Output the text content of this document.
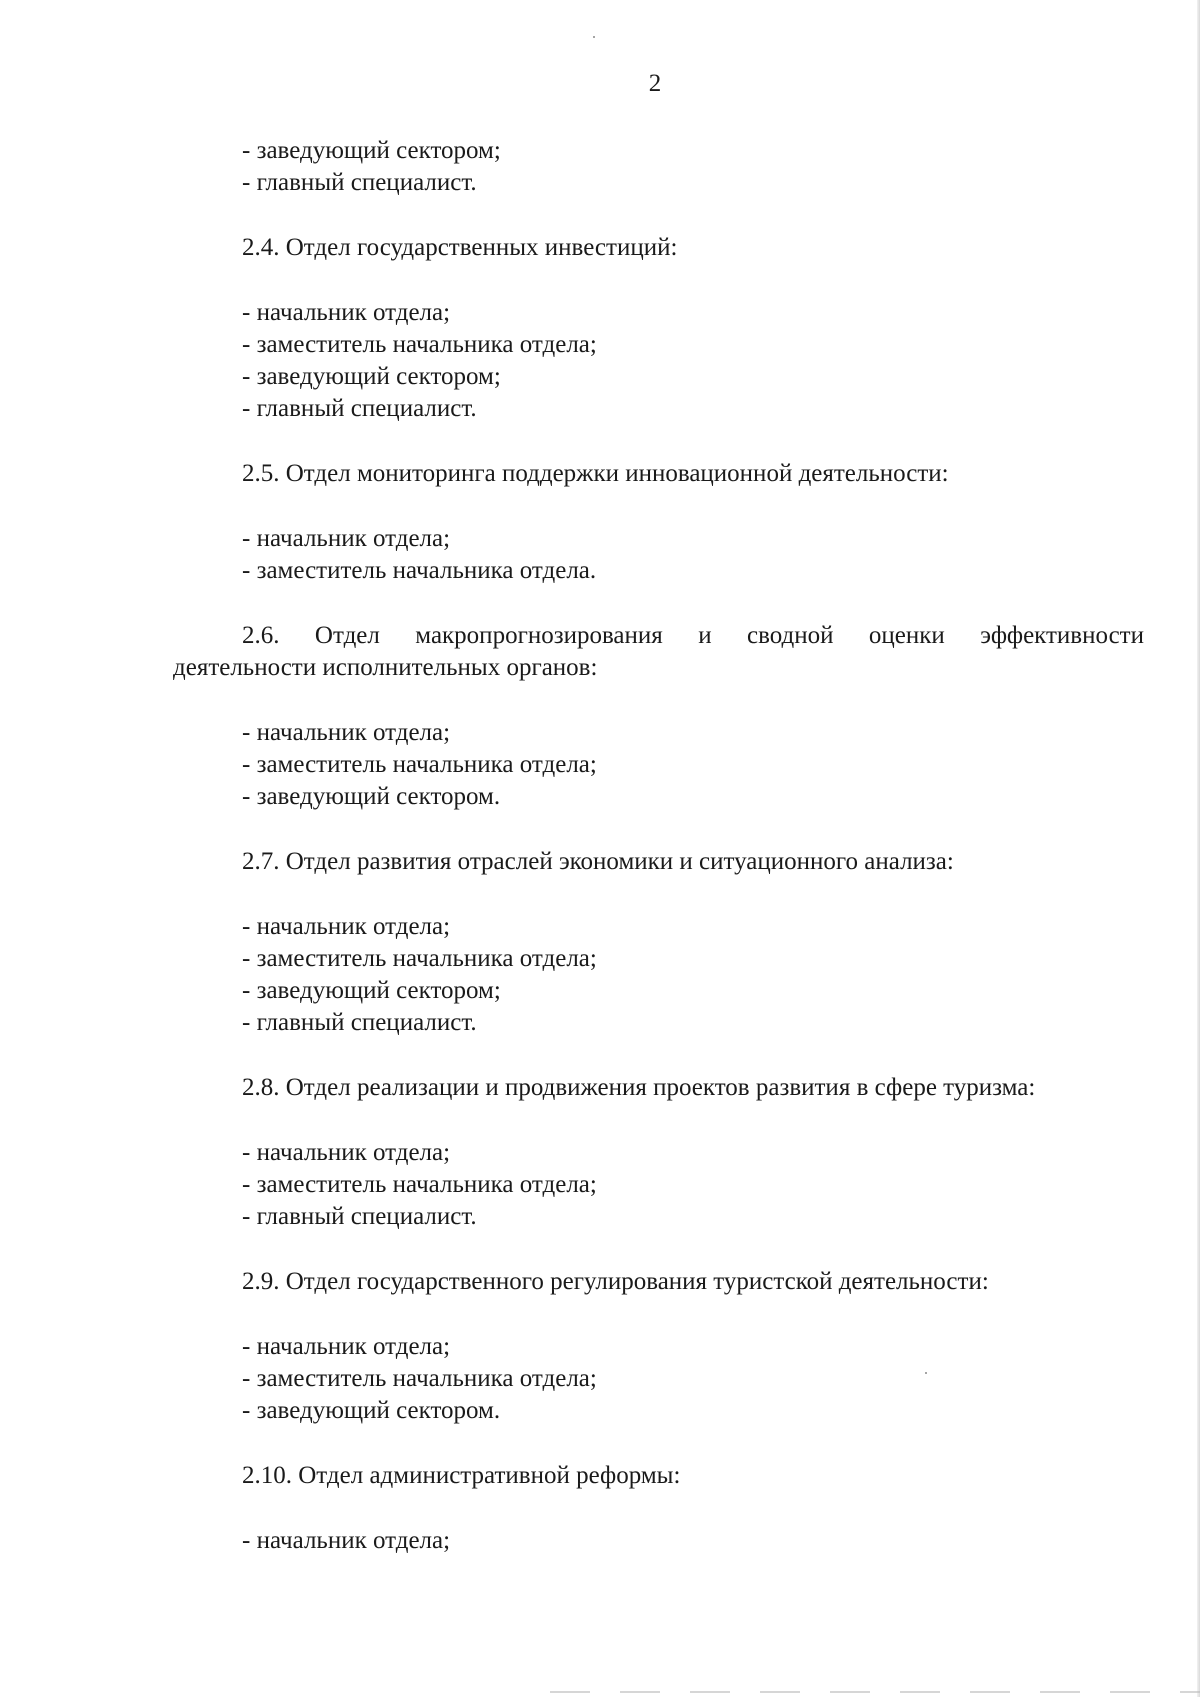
2
- заведующий сектором;
- главный специалист.
2.4. Отдел государственных инвестиций:
- начальник отдела;
- заместитель начальника отдела;
- заведующий сектором;
- главный специалист.
2.5. Отдел мониторинга поддержки инновационной деятельности:
- начальник отдела;
- заместитель начальника отдела.
2.6. Отдел макропрогнозирования и сводной оценки эффективности
деятельности исполнительных органов:
- начальник отдела;
- заместитель начальника отдела;
- заведующий сектором.
2.7. Отдел развития отраслей экономики и ситуационного анализа:
- начальник отдела;
- заместитель начальника отдела;
- заведующий сектором;
- главный специалист.
2.8. Отдел реализации и продвижения проектов развития в сфере туризма:
- начальник отдела;
- заместитель начальника отдела;
- главный специалист.
2.9. Отдел государственного регулирования туристской деятельности:
- начальник отдела;
- заместитель начальника отдела;
- заведующий сектором.
2.10. Отдел административной реформы:
- начальник отдела;
